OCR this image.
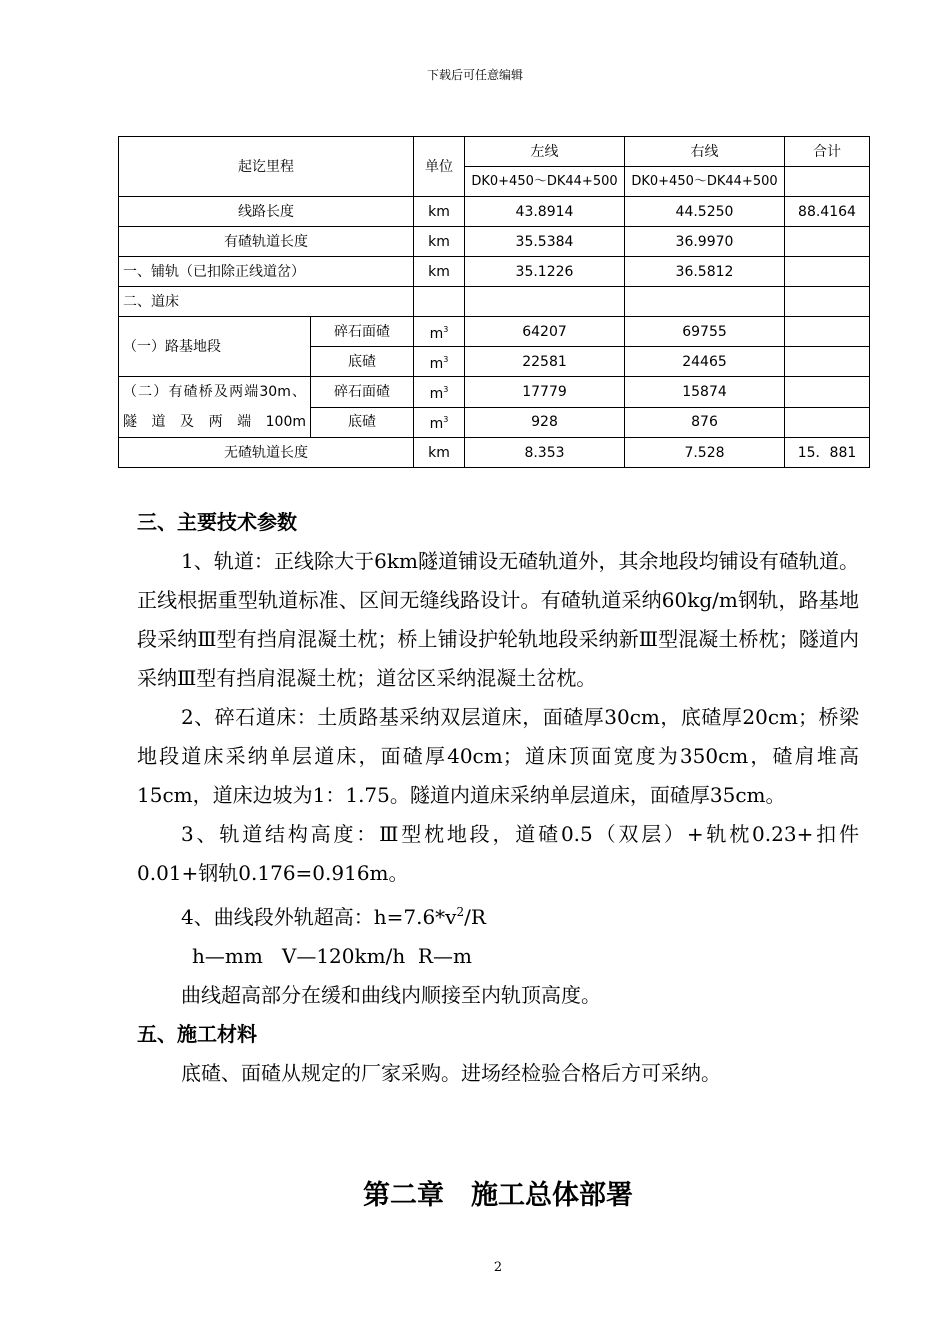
下载后可任意编辑
起讫里程		单位	左线	右线	合计
			DK0+450～DK44+500	DK0+450～DK44+500	
线路长度		km	43.8914	44.5250	88.4164
有碴轨道长度		km	35.5384	36.9970	
一、铺轨（已扣除正线道岔）		km	35.1226	36.5812	
二、道床					
（一）路基地段	碎石面碴	$m^3$	64207	69755	
	底碴	$m^3$	22581	24465	
（二）有碴桥及两端30m、隧道及两端100m	碎石面碴	$m^3$	17779	15874	
	底碴	$m^3$	928	876	
无碴轨道长度		km	8.353	7.528	15．881
三、主要技术参数
1、轨道：正线除大于6km隧道铺设无碴轨道外，其余地段均铺设有碴轨道。正线根据重型轨道标准、区间无缝线路设计。有碴轨道采纳60kg/m钢轨，路基地段采纳Ⅲ型有挡肩混凝土枕；桥上铺设护轮轨地段采纳新Ⅲ型混凝土桥枕；隧道内采纳Ⅲ型有挡肩混凝土枕；道岔区采纳混凝土岔枕。
2、碎石道床：土质路基采纳双层道床，面碴厚30cm，底碴厚20cm；桥梁地段道床采纳单层道床，面碴厚40cm；道床顶面宽度为350cm，碴肩堆高15cm，道床边坡为1：1.75。隧道内道床采纳单层道床，面碴厚35cm。
3、轨道结构高度：Ⅲ型枕地段，道碴0.5（双层）+轨枕0.23+扣件0.01+钢轨0.176=0.916m。
4、曲线段外轨超高：$h=7.6*v^2/R$
h—mm   V—120km/h  R—m
曲线超高部分在缓和曲线内顺接至内轨顶高度。
五、施工材料
底碴、面碴从规定的厂家采购。进场经检验合格后方可采纳。
第二章　施工总体部署
2
